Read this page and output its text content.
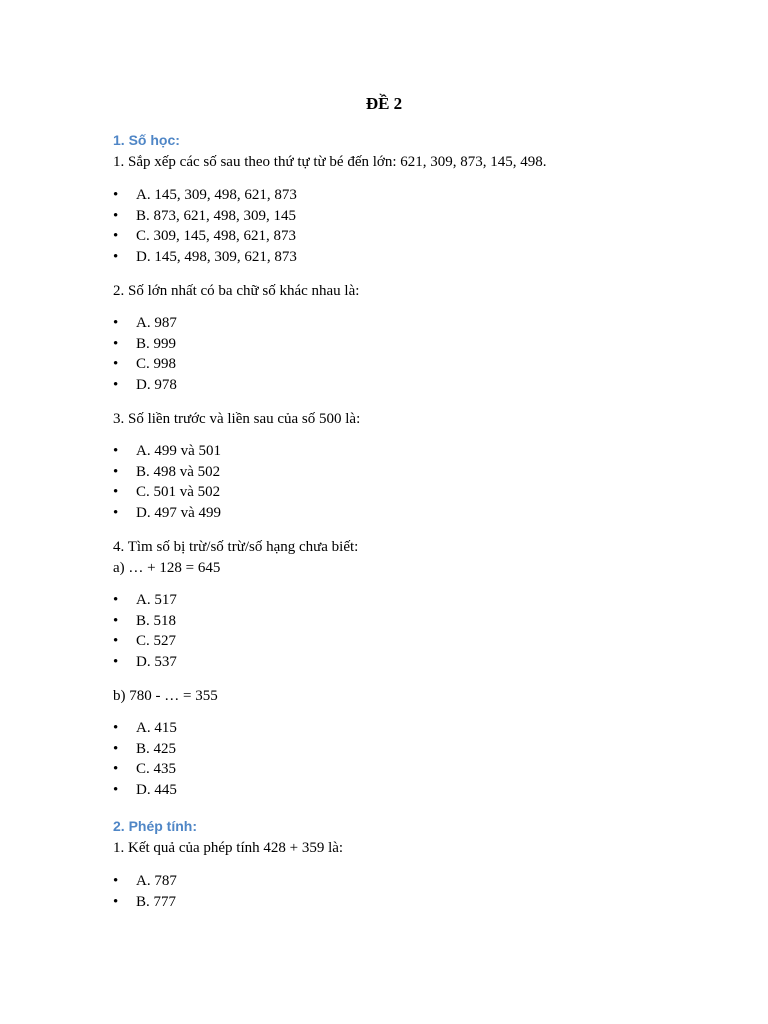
ĐỀ 2
1. Số học:
1. Sắp xếp các số sau theo thứ tự từ bé đến lớn: 621, 309, 873, 145, 498.
• A. 145, 309, 498, 621, 873
• B. 873, 621, 498, 309, 145
• C. 309, 145, 498, 621, 873
• D. 145, 498, 309, 621, 873
2. Số lớn nhất có ba chữ số khác nhau là:
• A. 987
• B. 999
• C. 998
• D. 978
3. Số liền trước và liền sau của số 500 là:
• A. 499 và 501
• B. 498 và 502
• C. 501 và 502
• D. 497 và 499
4. Tìm số bị trừ/số trừ/số hạng chưa biết:
a) … + 128 = 645
• A. 517
• B. 518
• C. 527
• D. 537
b) 780 - … = 355
• A. 415
• B. 425
• C. 435
• D. 445
2. Phép tính:
1. Kết quả của phép tính 428 + 359 là:
• A. 787
• B. 777
